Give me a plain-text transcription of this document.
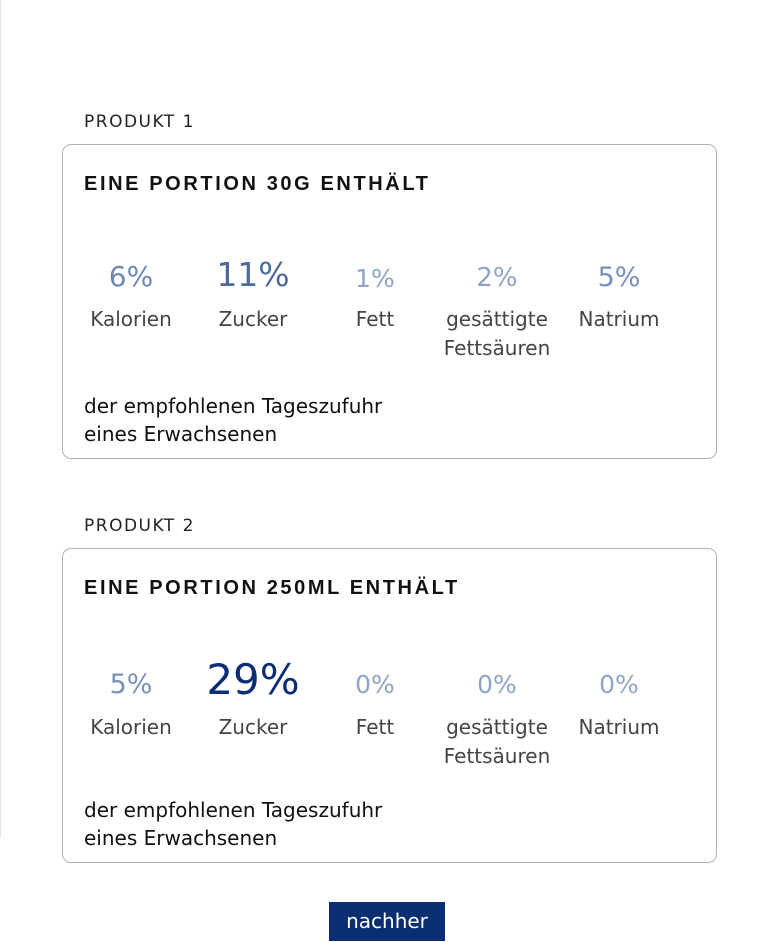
PRODUKT 1
EINE PORTION 30G ENTHÄLT
6%
Kalorien
11%
Zucker
1%
Fett
2%
gesättigte
Fettsäuren
5%
Natrium
der empfohlenen Tageszufuhr
eines Erwachsenen
PRODUKT 2
EINE PORTION 250ML ENTHÄLT
5%
Kalorien
29%
Zucker
0%
Fett
0%
gesättigte
Fettsäuren
0%
Natrium
der empfohlenen Tageszufuhr
eines Erwachsenen
nachher
